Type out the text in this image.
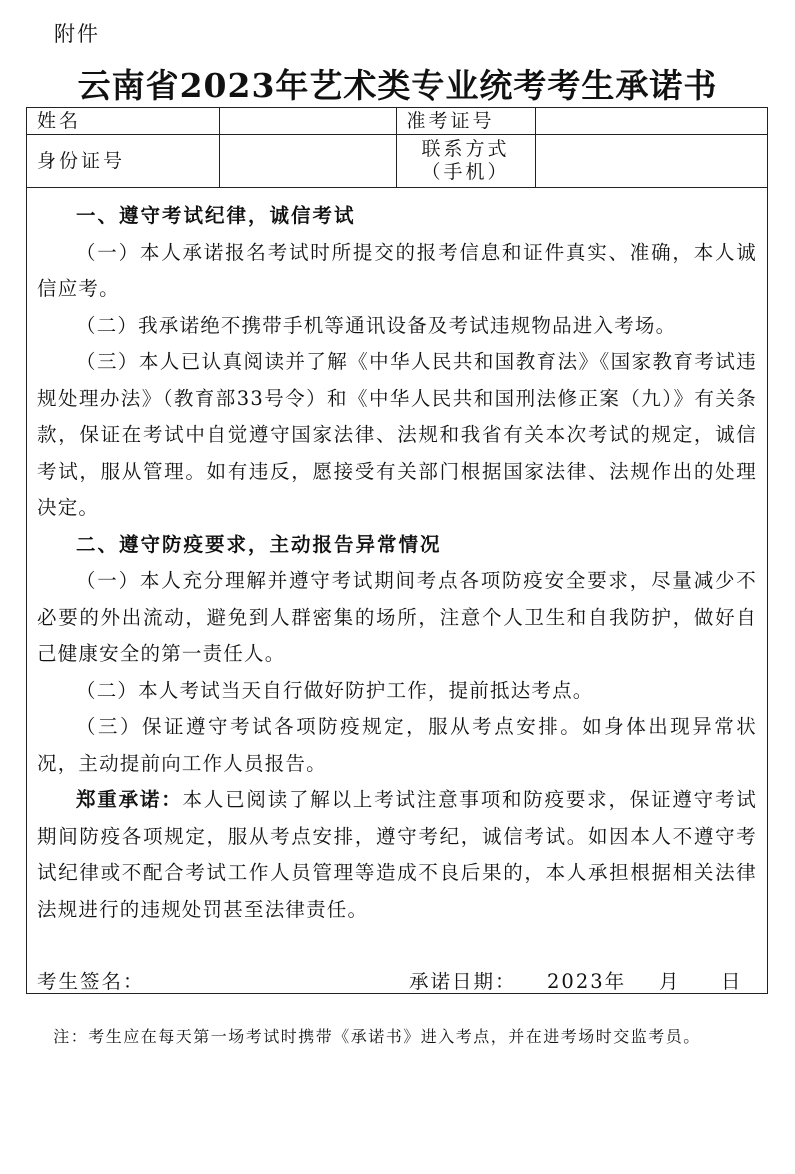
附件
云南省2023年艺术类专业统考考生承诺书
姓名		准考证号	
身份证号		联系方式
（手机）	

一、遵守考试纪律，诚信考试

（一）本人承诺报名考试时所提交的报考信息和证件真实、准确，本人诚信应考。

（二）我承诺绝不携带手机等通讯设备及考试违规物品进入考场。

（三）本人已认真阅读并了解《中华人民共和国教育法》《国家教育考试违规处理办法》（教育部33号令）和《中华人民共和国刑法修正案（九）》有关条款，保证在考试中自觉遵守国家法律、法规和我省有关本次考试的规定，诚信考试，服从管理。如有违反，愿接受有关部门根据国家法律、法规作出的处理决定。

二、遵守防疫要求，主动报告异常情况

（一）本人充分理解并遵守考试期间考点各项防疫安全要求，尽量减少不必要的外出流动，避免到人群密集的场所，注意个人卫生和自我防护，做好自己健康安全的第一责任人。

（二）本人考试当天自行做好防护工作，提前抵达考点。

（三）保证遵守考试各项防疫规定，服从考点安排。如身体出现异常状况，主动提前向工作人员报告。

郑重承诺：本人已阅读了解以上考试注意事项和防疫要求，保证遵守考试期间防疫各项规定，服从考点安排，遵守考纪，诚信考试。如因本人不遵守考试纪律或不配合考试工作人员管理等造成不良后果的，本人承担根据相关法律法规进行的违规处罚甚至法律责任。

考生签名：	承诺日期： 2023年 月 日
注：考生应在每天第一场考试时携带《承诺书》进入考点，并在进考场时交监考员。
